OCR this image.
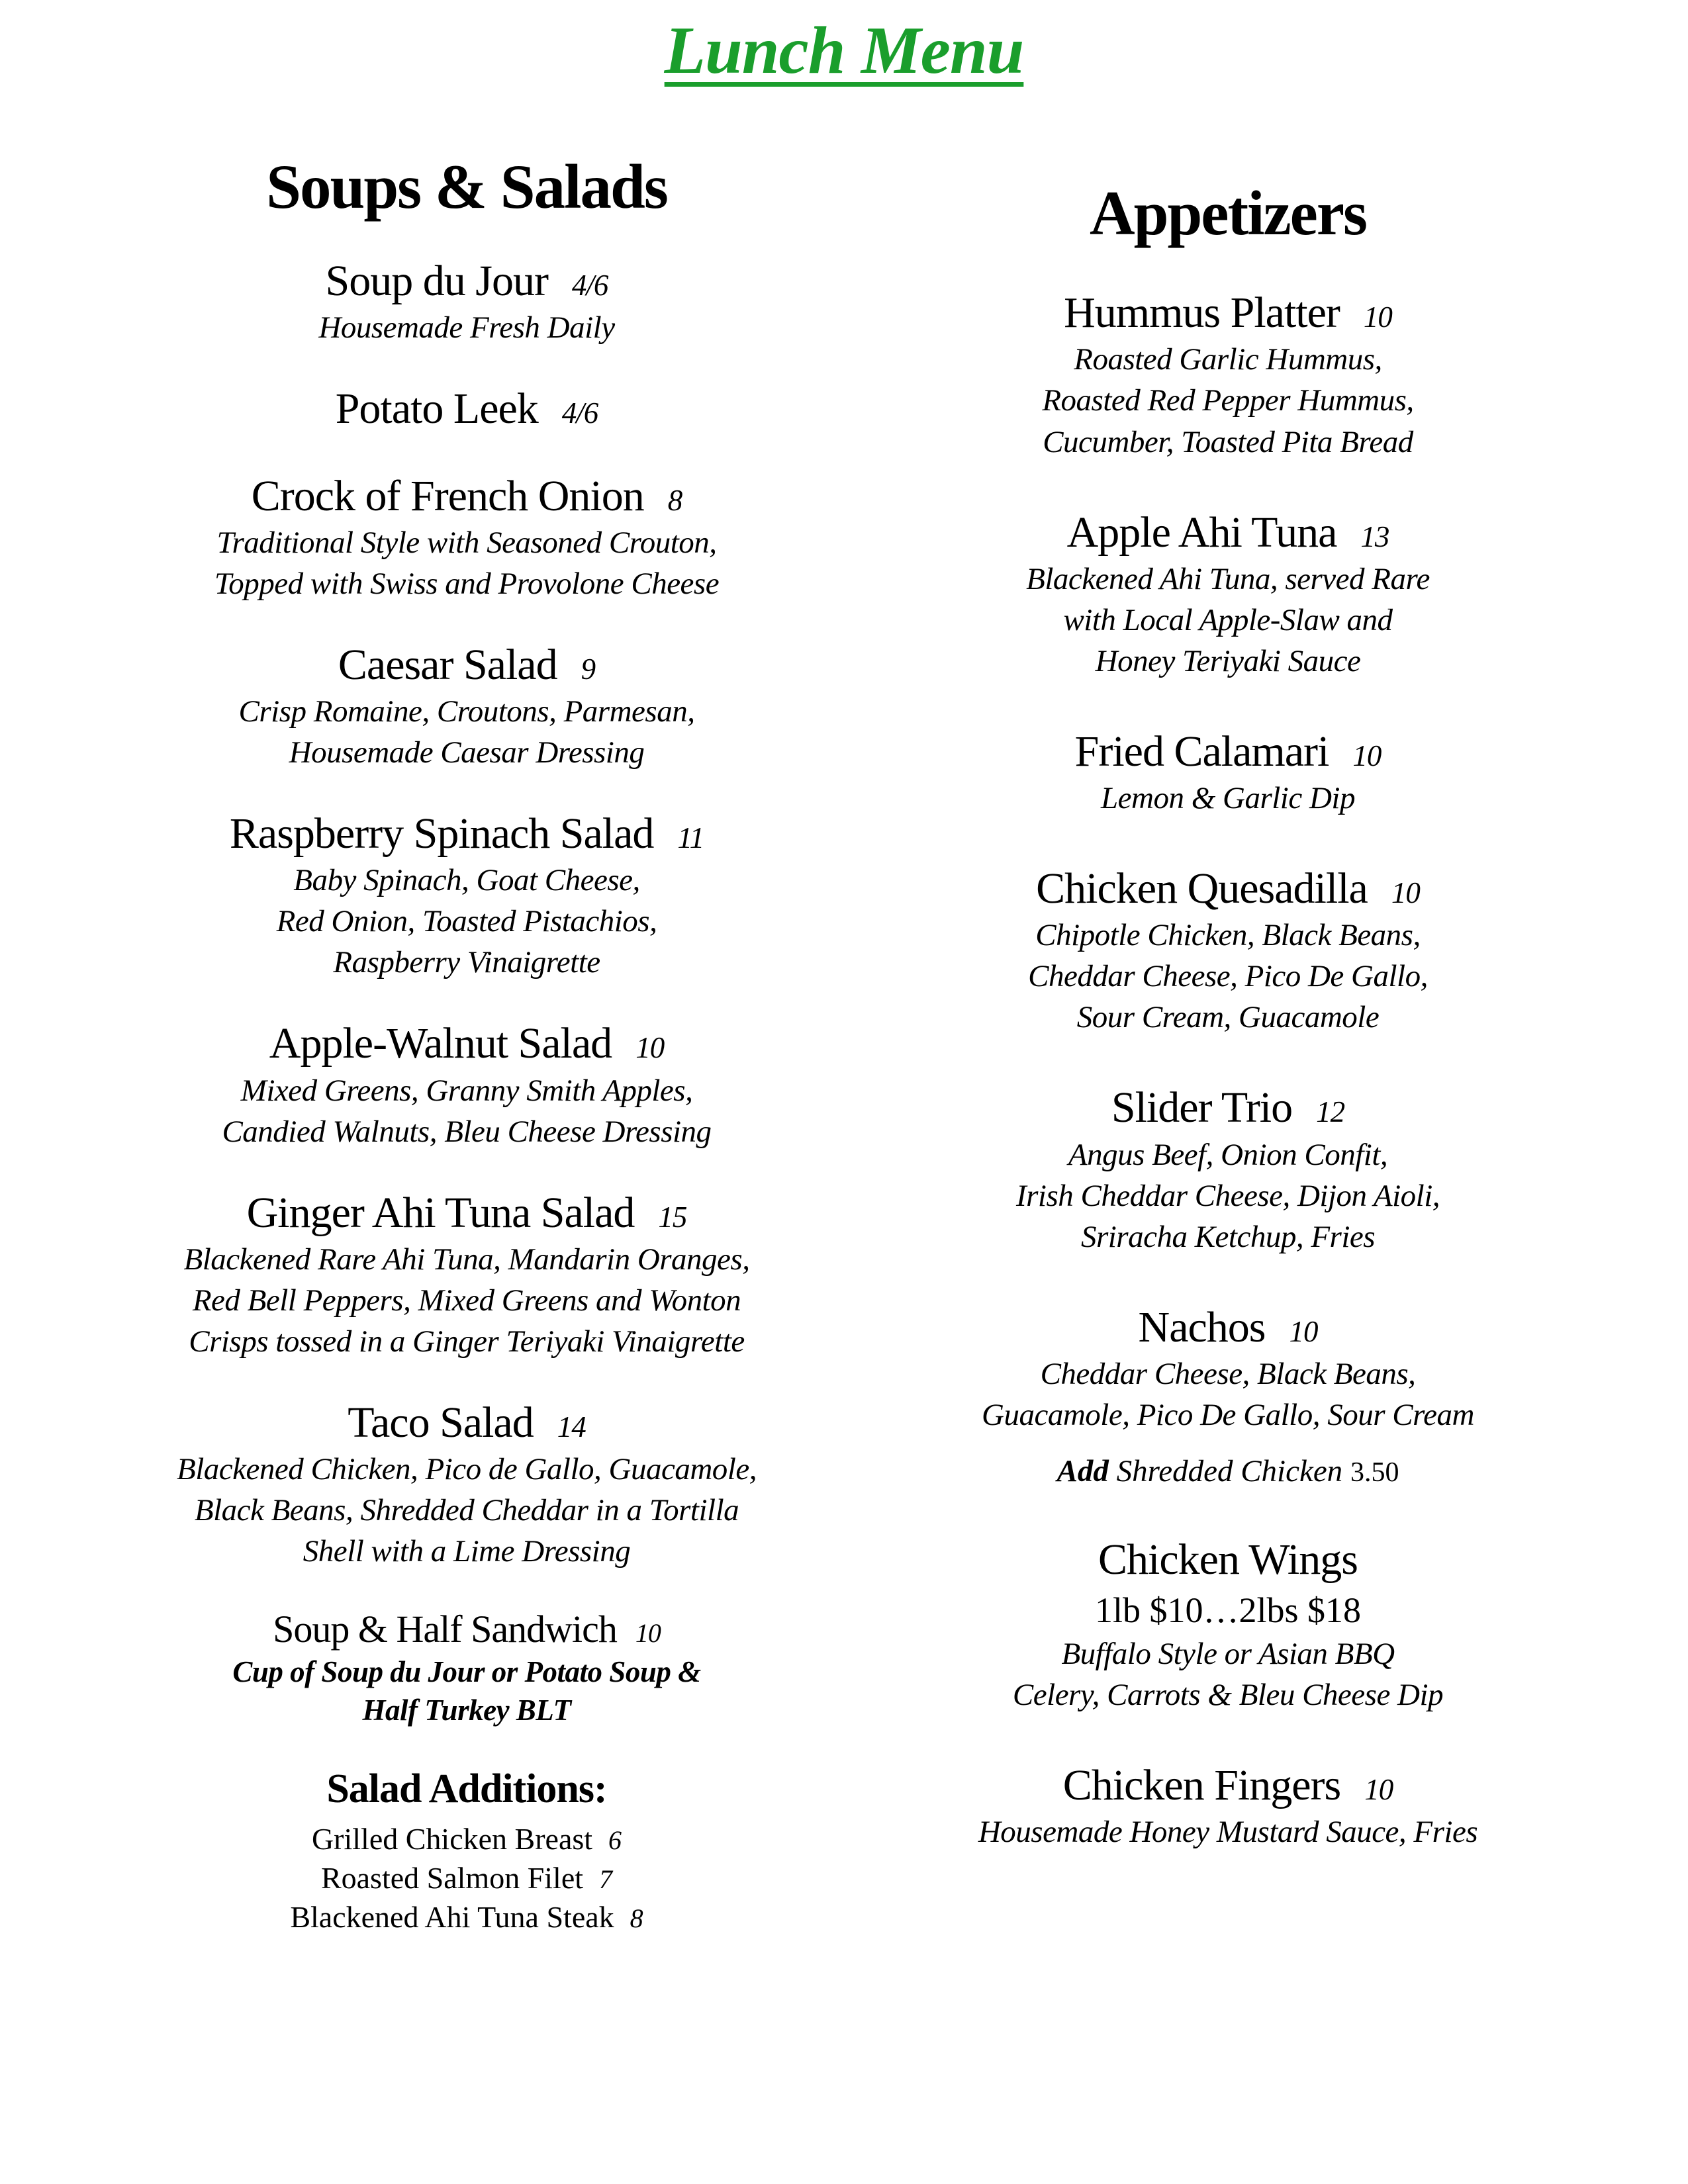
Lunch Menu
Soups & Salads
Soup du Jour 4/6
Housemade Fresh Daily
Potato Leek 4/6
Crock of French Onion 8
Traditional Style with Seasoned Crouton,
Topped with Swiss and Provolone Cheese
Caesar Salad 9
Crisp Romaine, Croutons, Parmesan,
Housemade Caesar Dressing
Raspberry Spinach Salad 11
Baby Spinach, Goat Cheese,
Red Onion, Toasted Pistachios,
Raspberry Vinaigrette
Apple-Walnut Salad 10
Mixed Greens, Granny Smith Apples,
Candied Walnuts, Bleu Cheese Dressing
Ginger Ahi Tuna Salad 15
Blackened Rare Ahi Tuna, Mandarin Oranges,
Red Bell Peppers, Mixed Greens and Wonton
Crisps tossed in a Ginger Teriyaki Vinaigrette
Taco Salad 14
Blackened Chicken, Pico de Gallo, Guacamole,
Black Beans, Shredded Cheddar in a Tortilla
Shell with a Lime Dressing
Soup & Half Sandwich 10
Cup of Soup du Jour or Potato Soup &
Half Turkey BLT
Salad Additions:
Grilled Chicken Breast 6
Roasted Salmon Filet 7
Blackened Ahi Tuna Steak 8
Appetizers
Hummus Platter 10
Roasted Garlic Hummus,
Roasted Red Pepper Hummus,
Cucumber, Toasted Pita Bread
Apple Ahi Tuna 13
Blackened Ahi Tuna, served Rare
with Local Apple-Slaw and
Honey Teriyaki Sauce
Fried Calamari 10
Lemon & Garlic Dip
Chicken Quesadilla 10
Chipotle Chicken, Black Beans,
Cheddar Cheese, Pico De Gallo,
Sour Cream, Guacamole
Slider Trio 12
Angus Beef, Onion Confit,
Irish Cheddar Cheese, Dijon Aioli,
Sriracha Ketchup, Fries
Nachos 10
Cheddar Cheese, Black Beans,
Guacamole, Pico De Gallo, Sour Cream
Add Shredded Chicken 3.50
Chicken Wings
1lb $10…2lbs $18
Buffalo Style or Asian BBQ
Celery, Carrots & Bleu Cheese Dip
Chicken Fingers 10
Housemade Honey Mustard Sauce, Fries
